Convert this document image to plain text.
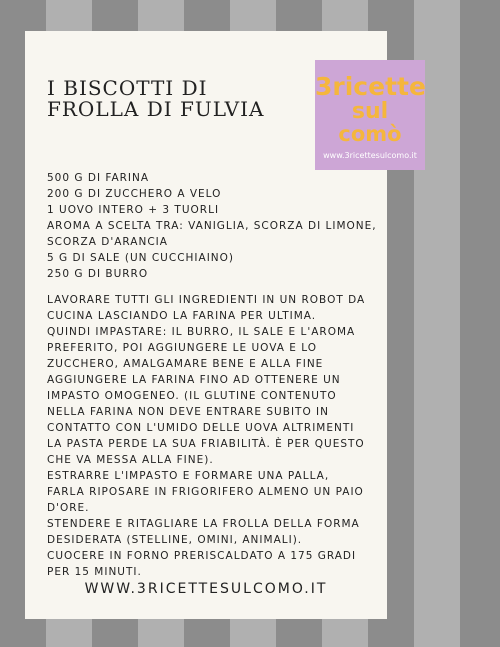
I BISCOTTI DI FROLLA DI FULVIA
3ricette
sul
comò
www.3ricettesulcomo.it
500 G DI FARINA
200 G DI ZUCCHERO A VELO
1 UOVO INTERO + 3 TUORLI
AROMA A SCELTA TRA: VANIGLIA, SCORZA DI LIMONE, SCORZA D'ARANCIA
5 G DI SALE (UN CUCCHIAINO)
250 G DI BURRO
LAVORARE TUTTI GLI INGREDIENTI IN UN ROBOT DA CUCINA LASCIANDO LA FARINA PER ULTIMA.
QUINDI IMPASTARE: IL BURRO, IL SALE E L'AROMA PREFERITO, POI AGGIUNGERE LE UOVA E LO ZUCCHERO, AMALGAMARE BENE E ALLA FINE AGGIUNGERE LA FARINA FINO AD OTTENERE UN IMPASTO OMOGENEO. (IL GLUTINE CONTENUTO NELLA FARINA NON DEVE ENTRARE SUBITO IN CONTATTO CON L'UMIDO DELLE UOVA ALTRIMENTI LA PASTA PERDE LA SUA FRIABILITÀ. È PER QUESTO CHE VA MESSA ALLA FINE).
ESTRARRE L'IMPASTO E FORMARE UNA PALLA, FARLA RIPOSARE IN FRIGORIFERO ALMENO UN PAIO D'ORE.
STENDERE E RITAGLIARE LA FROLLA DELLA FORMA DESIDERATA (STELLINE, OMINI, ANIMALI).
CUOCERE IN FORNO PRERISCALDATO A 175 GRADI PER 15 MINUTI.
WWW.3RICETTESULCOMO.IT
